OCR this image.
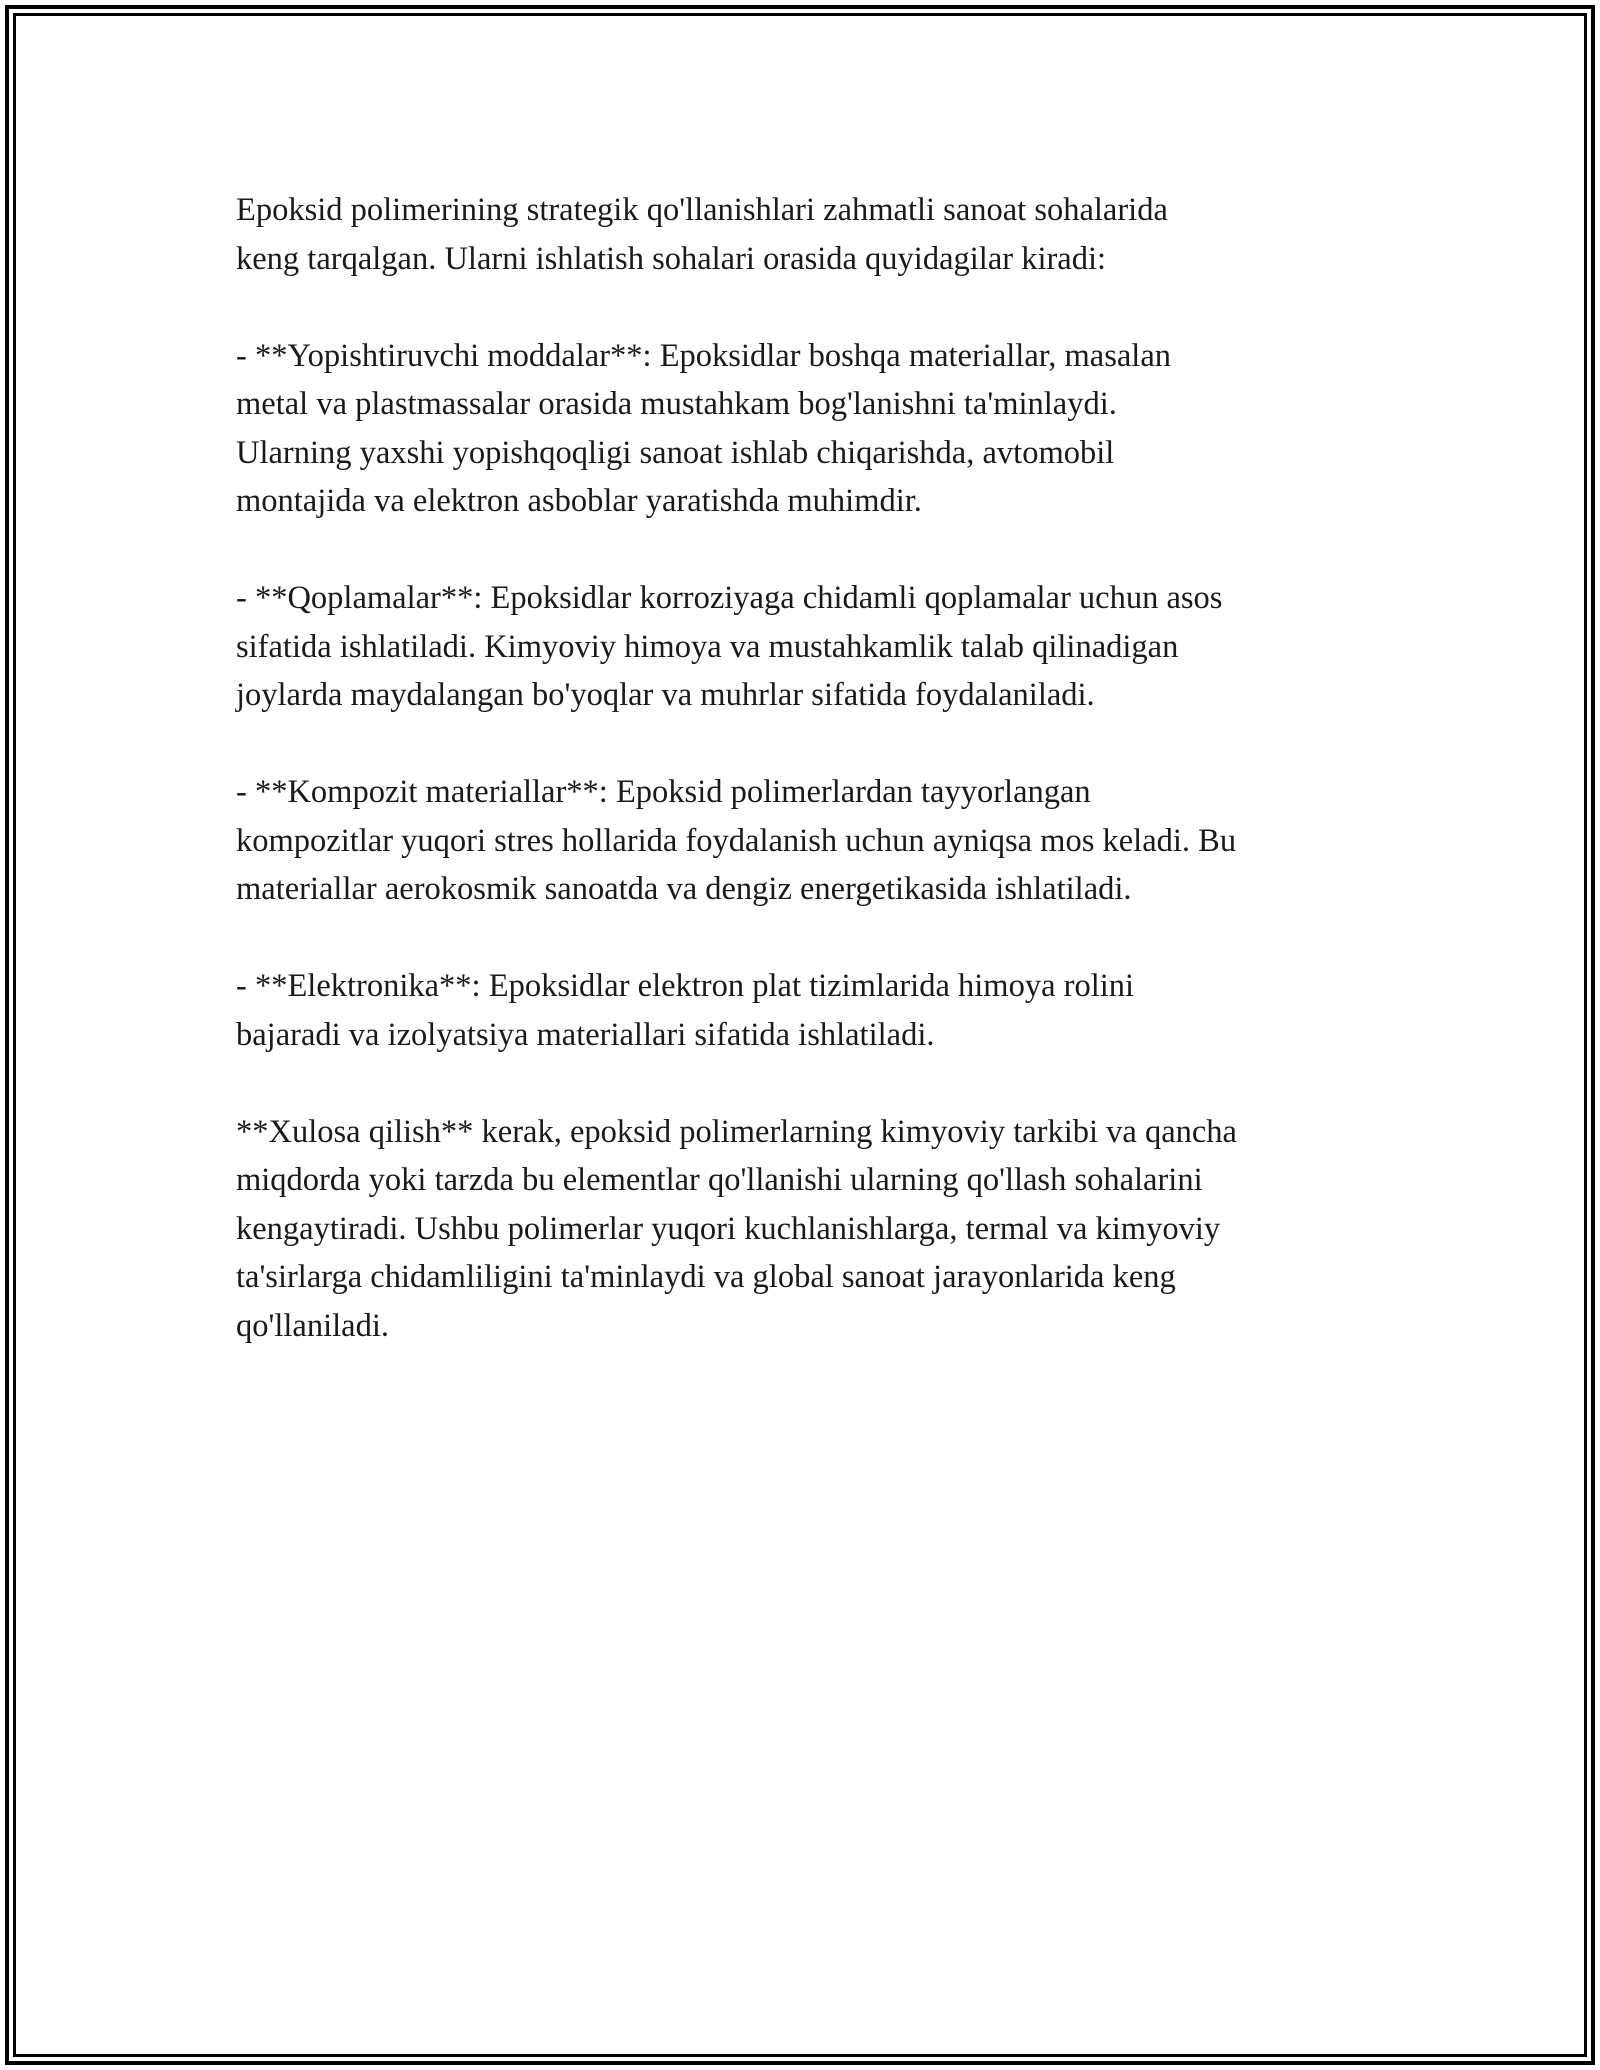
Epoksid polimerining strategik qo'llanishlari zahmatli sanoat sohalarida
keng tarqalgan. Ularni ishlatish sohalari orasida quyidagilar kiradi:

- **Yopishtiruvchi moddalar**: Epoksidlar boshqa materiallar, masalan
metal va plastmassalar orasida mustahkam bog'lanishni ta'minlaydi.
Ularning yaxshi yopishqoqligi sanoat ishlab chiqarishda, avtomobil
montajida va elektron asboblar yaratishda muhimdir.

- **Qoplamalar**: Epoksidlar korroziyaga chidamli qoplamalar uchun asos
sifatida ishlatiladi. Kimyoviy himoya va mustahkamlik talab qilinadigan
joylarda maydalangan bo'yoqlar va muhrlar sifatida foydalaniladi.

- **Kompozit materiallar**: Epoksid polimerlardan tayyorlangan
kompozitlar yuqori stres hollarida foydalanish uchun ayniqsa mos keladi. Bu
materiallar aerokosmik sanoatda va dengiz energetikasida ishlatiladi.

- **Elektronika**: Epoksidlar elektron plat tizimlarida himoya rolini
bajaradi va izolyatsiya materiallari sifatida ishlatiladi.

**Xulosa qilish** kerak, epoksid polimerlarning kimyoviy tarkibi va qancha
miqdorda yoki tarzda bu elementlar qo'llanishi ularning qo'llash sohalarini
kengaytiradi. Ushbu polimerlar yuqori kuchlanishlarga, termal va kimyoviy
ta'sirlarga chidamliligini ta'minlaydi va global sanoat jarayonlarida keng
qo'llaniladi.
